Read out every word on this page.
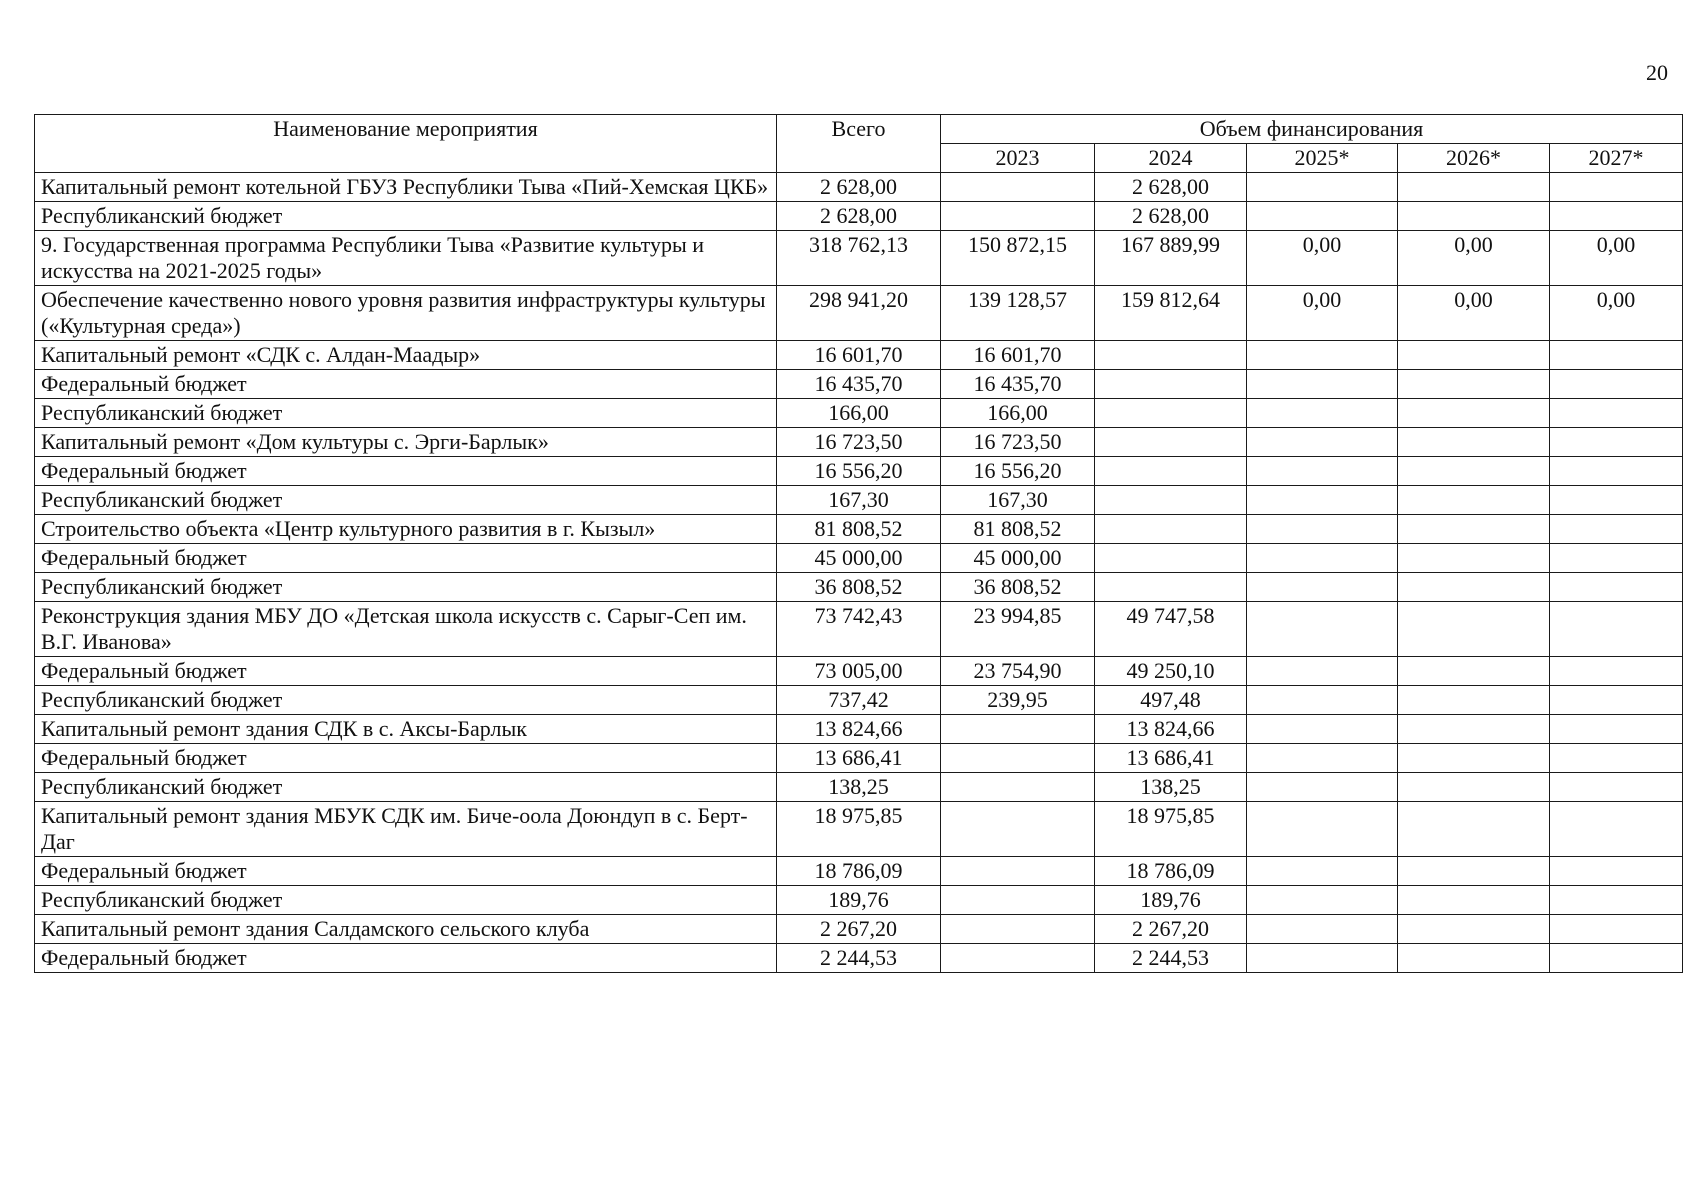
20
Наименование мероприятия	Всего	Объем финансирования				
		2023	2024	2025*	2026*	2027*
Капитальный ремонт котельной ГБУЗ Республики Тыва «Пий-Хемская ЦКБ»	2 628,00		2 628,00			
Республиканский бюджет	2 628,00		2 628,00			
9. Государственная программа Республики Тыва «Развитие культуры и искусства на 2021-2025 годы»	318 762,13	150 872,15	167 889,99	0,00	0,00	0,00
Обеспечение качественно нового уровня развития инфраструктуры культуры («Культурная среда»)	298 941,20	139 128,57	159 812,64	0,00	0,00	0,00
Капитальный ремонт «СДК с. Алдан-Маадыр»	16 601,70	16 601,70				
Федеральный бюджет	16 435,70	16 435,70				
Республиканский бюджет	166,00	166,00				
Капитальный ремонт «Дом культуры с. Эрги-Барлык»	16 723,50	16 723,50				
Федеральный бюджет	16 556,20	16 556,20				
Республиканский бюджет	167,30	167,30				
Строительство объекта «Центр культурного развития в г. Кызыл»	81 808,52	81 808,52				
Федеральный бюджет	45 000,00	45 000,00				
Республиканский бюджет	36 808,52	36 808,52				
Реконструкция здания МБУ ДО «Детская школа искусств с. Сарыг-Сеп им. В.Г. Иванова»	73 742,43	23 994,85	49 747,58			
Федеральный бюджет	73 005,00	23 754,90	49 250,10			
Республиканский бюджет	737,42	239,95	497,48			
Капитальный ремонт здания СДК в с. Аксы-Барлык	13 824,66		13 824,66			
Федеральный бюджет	13 686,41		13 686,41			
Республиканский бюджет	138,25		138,25			
Капитальный ремонт здания МБУК СДК им. Биче-оола Доюндуп в с. Берт-Даг	18 975,85		18 975,85			
Федеральный бюджет	18 786,09		18 786,09			
Республиканский бюджет	189,76		189,76			
Капитальный ремонт здания Салдамского сельского клуба	2 267,20		2 267,20			
Федеральный бюджет	2 244,53		2 244,53			
